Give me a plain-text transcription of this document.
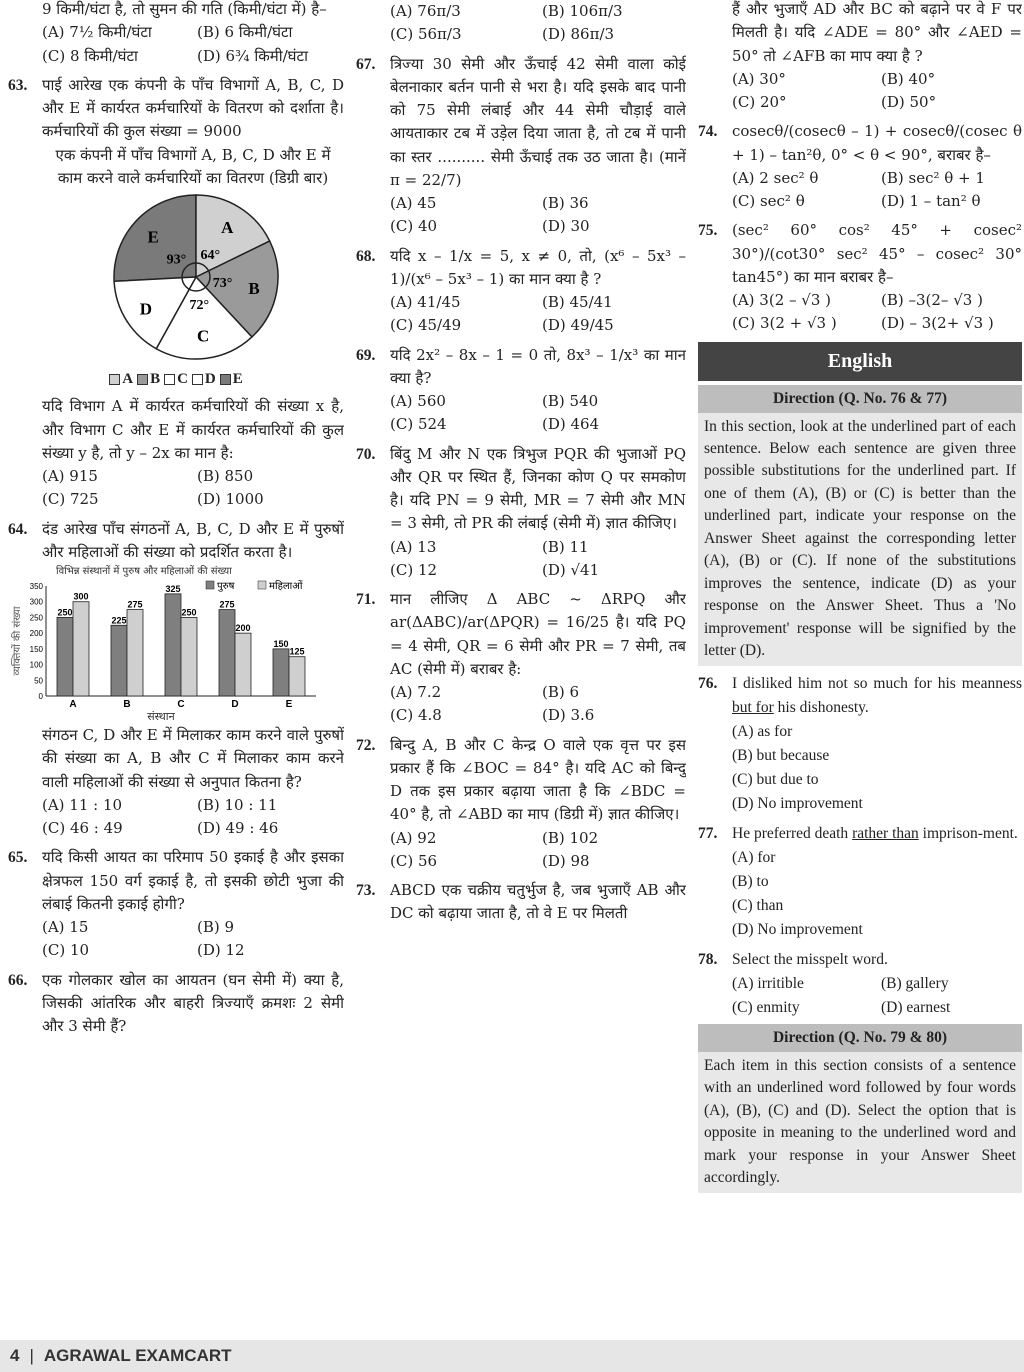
9 किमी/घंटा है, तो सुमन की गति (किमी/घंटा में) है–
(A) 7½ किमी/घंटा	(B) 6 किमी/घंटा
(C) 8 किमी/घंटा	(D) 6¾ किमी/घंटा
63. पाई आरेख एक कंपनी के पाँच विभागों A, B, C, D और E में कार्यरत कर्मचारियों के वितरण को दर्शाता है। कर्मचारियों की कुल संख्या = 9000
एक कंपनी में पाँच विभागों A, B, C, D और E में काम करने वाले कर्मचारियों का वितरण (डिग्री बार)
E
93°
A
64°
B
73°
C
72°
D
A	B	C	D	E
यदि विभाग A में कार्यरत कर्मचारियों की संख्या x है, और विभाग C और E में कार्यरत कर्मचारियों की कुल संख्या y है, तो y – 2x का मान है:
(A) 915	(B) 850
(C) 725	(D) 1000
64. दंड आरेख पाँच संगठनों A, B, C, D और E में पुरुषों और महिलाओं की संख्या को प्रदर्शित करता है।
0
50
100
150
200
250
300
350
व्यक्तियों की संख्या
विभिन्न संस्थानों में पुरुष और महिलाओं की संख्या
पुरुष	महिलाओं
250
300
A
225
275
B
325
250
C
275
200
D
150
125
E
संस्थान
संगठन C, D और E में मिलाकर काम करने वाले पुरुषों की संख्या का A, B और C में मिलाकर काम करने वाली महिलाओं की संख्या से अनुपात कितना है?
(A) 11 : 10	(B) 10 : 11
(C) 46 : 49	(D) 49 : 46
65. यदि किसी आयत का परिमाप 50 इकाई है और इसका क्षेत्रफल 150 वर्ग इकाई है, तो इसकी छोटी भुजा की लंबाई कितनी इकाई होगी?
(A) 15	(B) 9
(C) 10	(D) 12
66. एक गोलकार खोल का आयतन (घन सेमी में) क्या है, जिसकी आंतरिक और बाहरी त्रिज्याएँ क्रमशः 2 सेमी और 3 सेमी हैं?
(A) 76π/3	(B) 106π/3
(C) 56π/3	(D) 86π/3
67. त्रिज्या 30 सेमी और ऊँचाई 42 सेमी वाला कोई बेलनाकार बर्तन पानी से भरा है। यदि इसके बाद पानी को 75 सेमी लंबाई और 44 सेमी चौड़ाई वाले आयताकार टब में उड़ेल दिया जाता है, तो टब में पानी का स्तर .......... सेमी ऊँचाई तक उठ जाता है। (मानें π = 22/7)
(A) 45	(B) 36
(C) 40	(D) 30
68. यदि x – 1/x = 5, x ≠ 0, तो, (x⁶ – 5x³ – 1)/(x⁶ – 5x³ – 1) का मान क्या है ?
(A) 41/45	(B) 45/41
(C) 45/49	(D) 49/45
69. यदि 2x² – 8x – 1 = 0 तो, 8x³ – 1/x³ का मान क्या है?
(A) 560	(B) 540
(C) 524	(D) 464
70. बिंदु M और N एक त्रिभुज PQR की भुजाओं PQ और QR पर स्थित हैं, जिनका कोण Q पर समकोण है। यदि PN = 9 सेमी, MR = 7 सेमी और MN = 3 सेमी, तो PR की लंबाई (सेमी में) ज्ञात कीजिए।
(A) 13	(B) 11
(C) 12	(D) √41
71. मान लीजिए Δ ABC ~ ΔRPQ और ar(ΔABC)/ar(ΔPQR) = 16/25 है। यदि PQ = 4 सेमी, QR = 6 सेमी और PR = 7 सेमी, तब AC (सेमी में) बराबर है:
(A) 7.2	(B) 6
(C) 4.8	(D) 3.6
72. बिन्दु A, B और C केन्द्र O वाले एक वृत्त पर इस प्रकार हैं कि ∠BOC = 84° है। यदि AC को बिन्दु D तक इस प्रकार बढ़ाया जाता है कि ∠BDC = 40° है, तो ∠ABD का माप (डिग्री में) ज्ञात कीजिए।
(A) 92	(B) 102
(C) 56	(D) 98
73. ABCD एक चक्रीय चतुर्भुज है, जब भुजाएँ AB और DC को बढ़ाया जाता है, तो वे E पर मिलती
हैं और भुजाएँ AD और BC को बढ़ाने पर वे F पर मिलती है। यदि ∠ADE = 80° और ∠AED = 50° तो ∠AFB का माप क्या है ?
(A) 30°	(B) 40°
(C) 20°	(D) 50°
74. cosecθ/(cosecθ – 1) + cosecθ/(cosec θ + 1) – tan²θ, 0° < θ < 90°, बराबर है–
(A) 2 sec² θ	(B) sec² θ + 1
(C) sec² θ	(D) 1 – tan² θ
75. (sec² 60° cos² 45° + cosec² 30°)/(cot30° sec² 45° – cosec² 30° tan45°) का मान बराबर है–
(A) 3(2 – √3 )	(B) –3(2– √3 )
(C) 3(2 + √3 )	(D) – 3(2+ √3 )
English
Direction (Q. No. 76 & 77)
In this section, look at the underlined part of each sentence. Below each sentence are given three possible substitutions for the underlined part. If one of them (A), (B) or (C) is better than the underlined part, indicate your response on the Answer Sheet against the corresponding letter (A), (B) or (C). If none of the substitutions improves the sentence, indicate (D) as your response on the Answer Sheet. Thus a 'No improvement' response will be signified by the letter (D).
76. I disliked him not so much for his meanness but for his dishonesty.
(A) as for
(B) but because
(C) but due to
(D) No improvement
77. He preferred death rather than imprison-ment.
(A) for
(B) to
(C) than
(D) No improvement
78. Select the misspelt word.
(A) irritible	(B) gallery
(C) enmity	(D) earnest
Direction (Q. No. 79 & 80)
Each item in this section consists of a sentence with an underlined word followed by four words (A), (B), (C) and (D). Select the option that is opposite in meaning to the underlined word and mark your response in your Answer Sheet accordingly.
4 | AGRAWAL EXAMCART
